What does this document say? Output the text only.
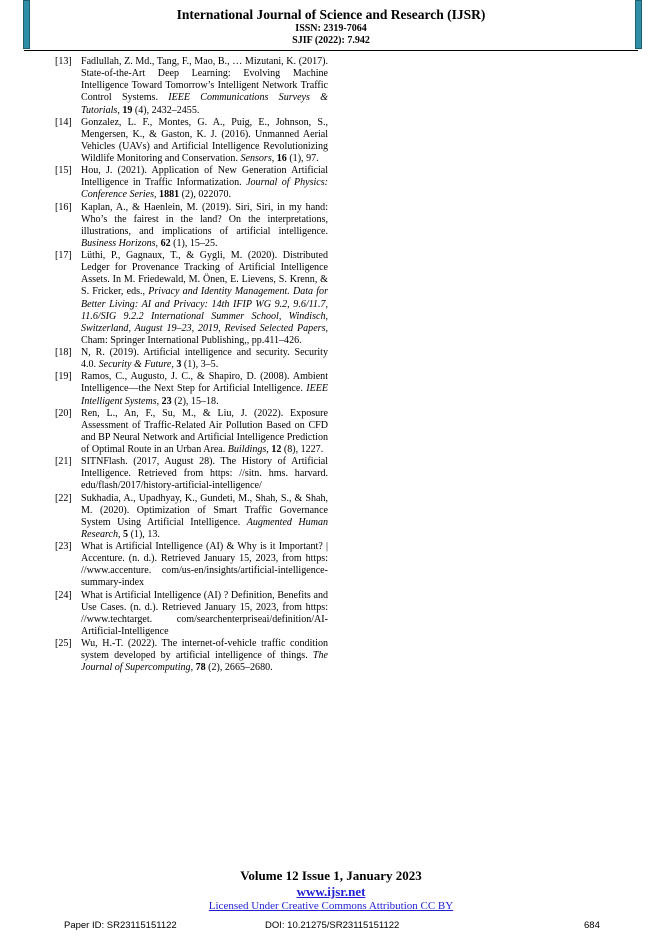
International Journal of Science and Research (IJSR)
ISSN: 2319-7064
SJIF (2022): 7.942
[13] Fadlullah, Z. Md., Tang, F., Mao, B., … Mizutani, K. (2017). State-of-the-Art Deep Learning: Evolving Machine Intelligence Toward Tomorrow’s Intelligent Network Traffic Control Systems. IEEE Communications Surveys & Tutorials, 19 (4), 2432–2455.
[14] Gonzalez, L. F., Montes, G. A., Puig, E., Johnson, S., Mengersen, K., & Gaston, K. J. (2016). Unmanned Aerial Vehicles (UAVs) and Artificial Intelligence Revolutionizing Wildlife Monitoring and Conservation. Sensors, 16 (1), 97.
[15] Hou, J. (2021). Application of New Generation Artificial Intelligence in Traffic Informatization. Journal of Physics: Conference Series, 1881 (2), 022070.
[16] Kaplan, A., & Haenlein, M. (2019). Siri, Siri, in my hand: Who’s the fairest in the land? On the interpretations, illustrations, and implications of artificial intelligence. Business Horizons, 62 (1), 15–25.
[17] Lüthi, P., Gagnaux, T., & Gygli, M. (2020). Distributed Ledger for Provenance Tracking of Artificial Intelligence Assets. In M. Friedewald, M. Önen, E. Lievens, S. Krenn, & S. Fricker, eds., Privacy and Identity Management. Data for Better Living: AI and Privacy: 14th IFIP WG 9.2, 9.6/11.7, 11.6/SIG 9.2.2 International Summer School, Windisch, Switzerland, August 19–23, 2019, Revised Selected Papers, Cham: Springer International Publishing,, pp.411–426.
[18] N, R. (2019). Artificial intelligence and security. Security 4.0. Security & Future, 3 (1), 3–5.
[19] Ramos, C., Augusto, J. C., & Shapiro, D. (2008). Ambient Intelligence—the Next Step for Artificial Intelligence. IEEE Intelligent Systems, 23 (2), 15–18.
[20] Ren, L., An, F., Su, M., & Liu, J. (2022). Exposure Assessment of Traffic-Related Air Pollution Based on CFD and BP Neural Network and Artificial Intelligence Prediction of Optimal Route in an Urban Area. Buildings, 12 (8), 1227.
[21] SITNFlash. (2017, August 28). The History of Artificial Intelligence. Retrieved from https: //sitn. hms. harvard. edu/flash/2017/history-artificial-intelligence/
[22] Sukhadia, A., Upadhyay, K., Gundeti, M., Shah, S., & Shah, M. (2020). Optimization of Smart Traffic Governance System Using Artificial Intelligence. Augmented Human Research, 5 (1), 13.
[23] What is Artificial Intelligence (AI) & Why is it Important? | Accenture. (n. d.). Retrieved January 15, 2023, from https: //www.accenture. com/us-en/insights/artificial-intelligence-summary-index
[24] What is Artificial Intelligence (AI) ? Definition, Benefits and Use Cases. (n. d.). Retrieved January 15, 2023, from https: //www.techtarget. com/searchenterpriseai/definition/AI-Artificial-Intelligence
[25] Wu, H.-T. (2022). The internet-of-vehicle traffic condition system developed by artificial intelligence of things. The Journal of Supercomputing, 78 (2), 2665–2680.
Volume 12 Issue 1, January 2023
www.ijsr.net
Licensed Under Creative Commons Attribution CC BY
Paper ID: SR23115151122	DOI: 10.21275/SR23115151122	684
